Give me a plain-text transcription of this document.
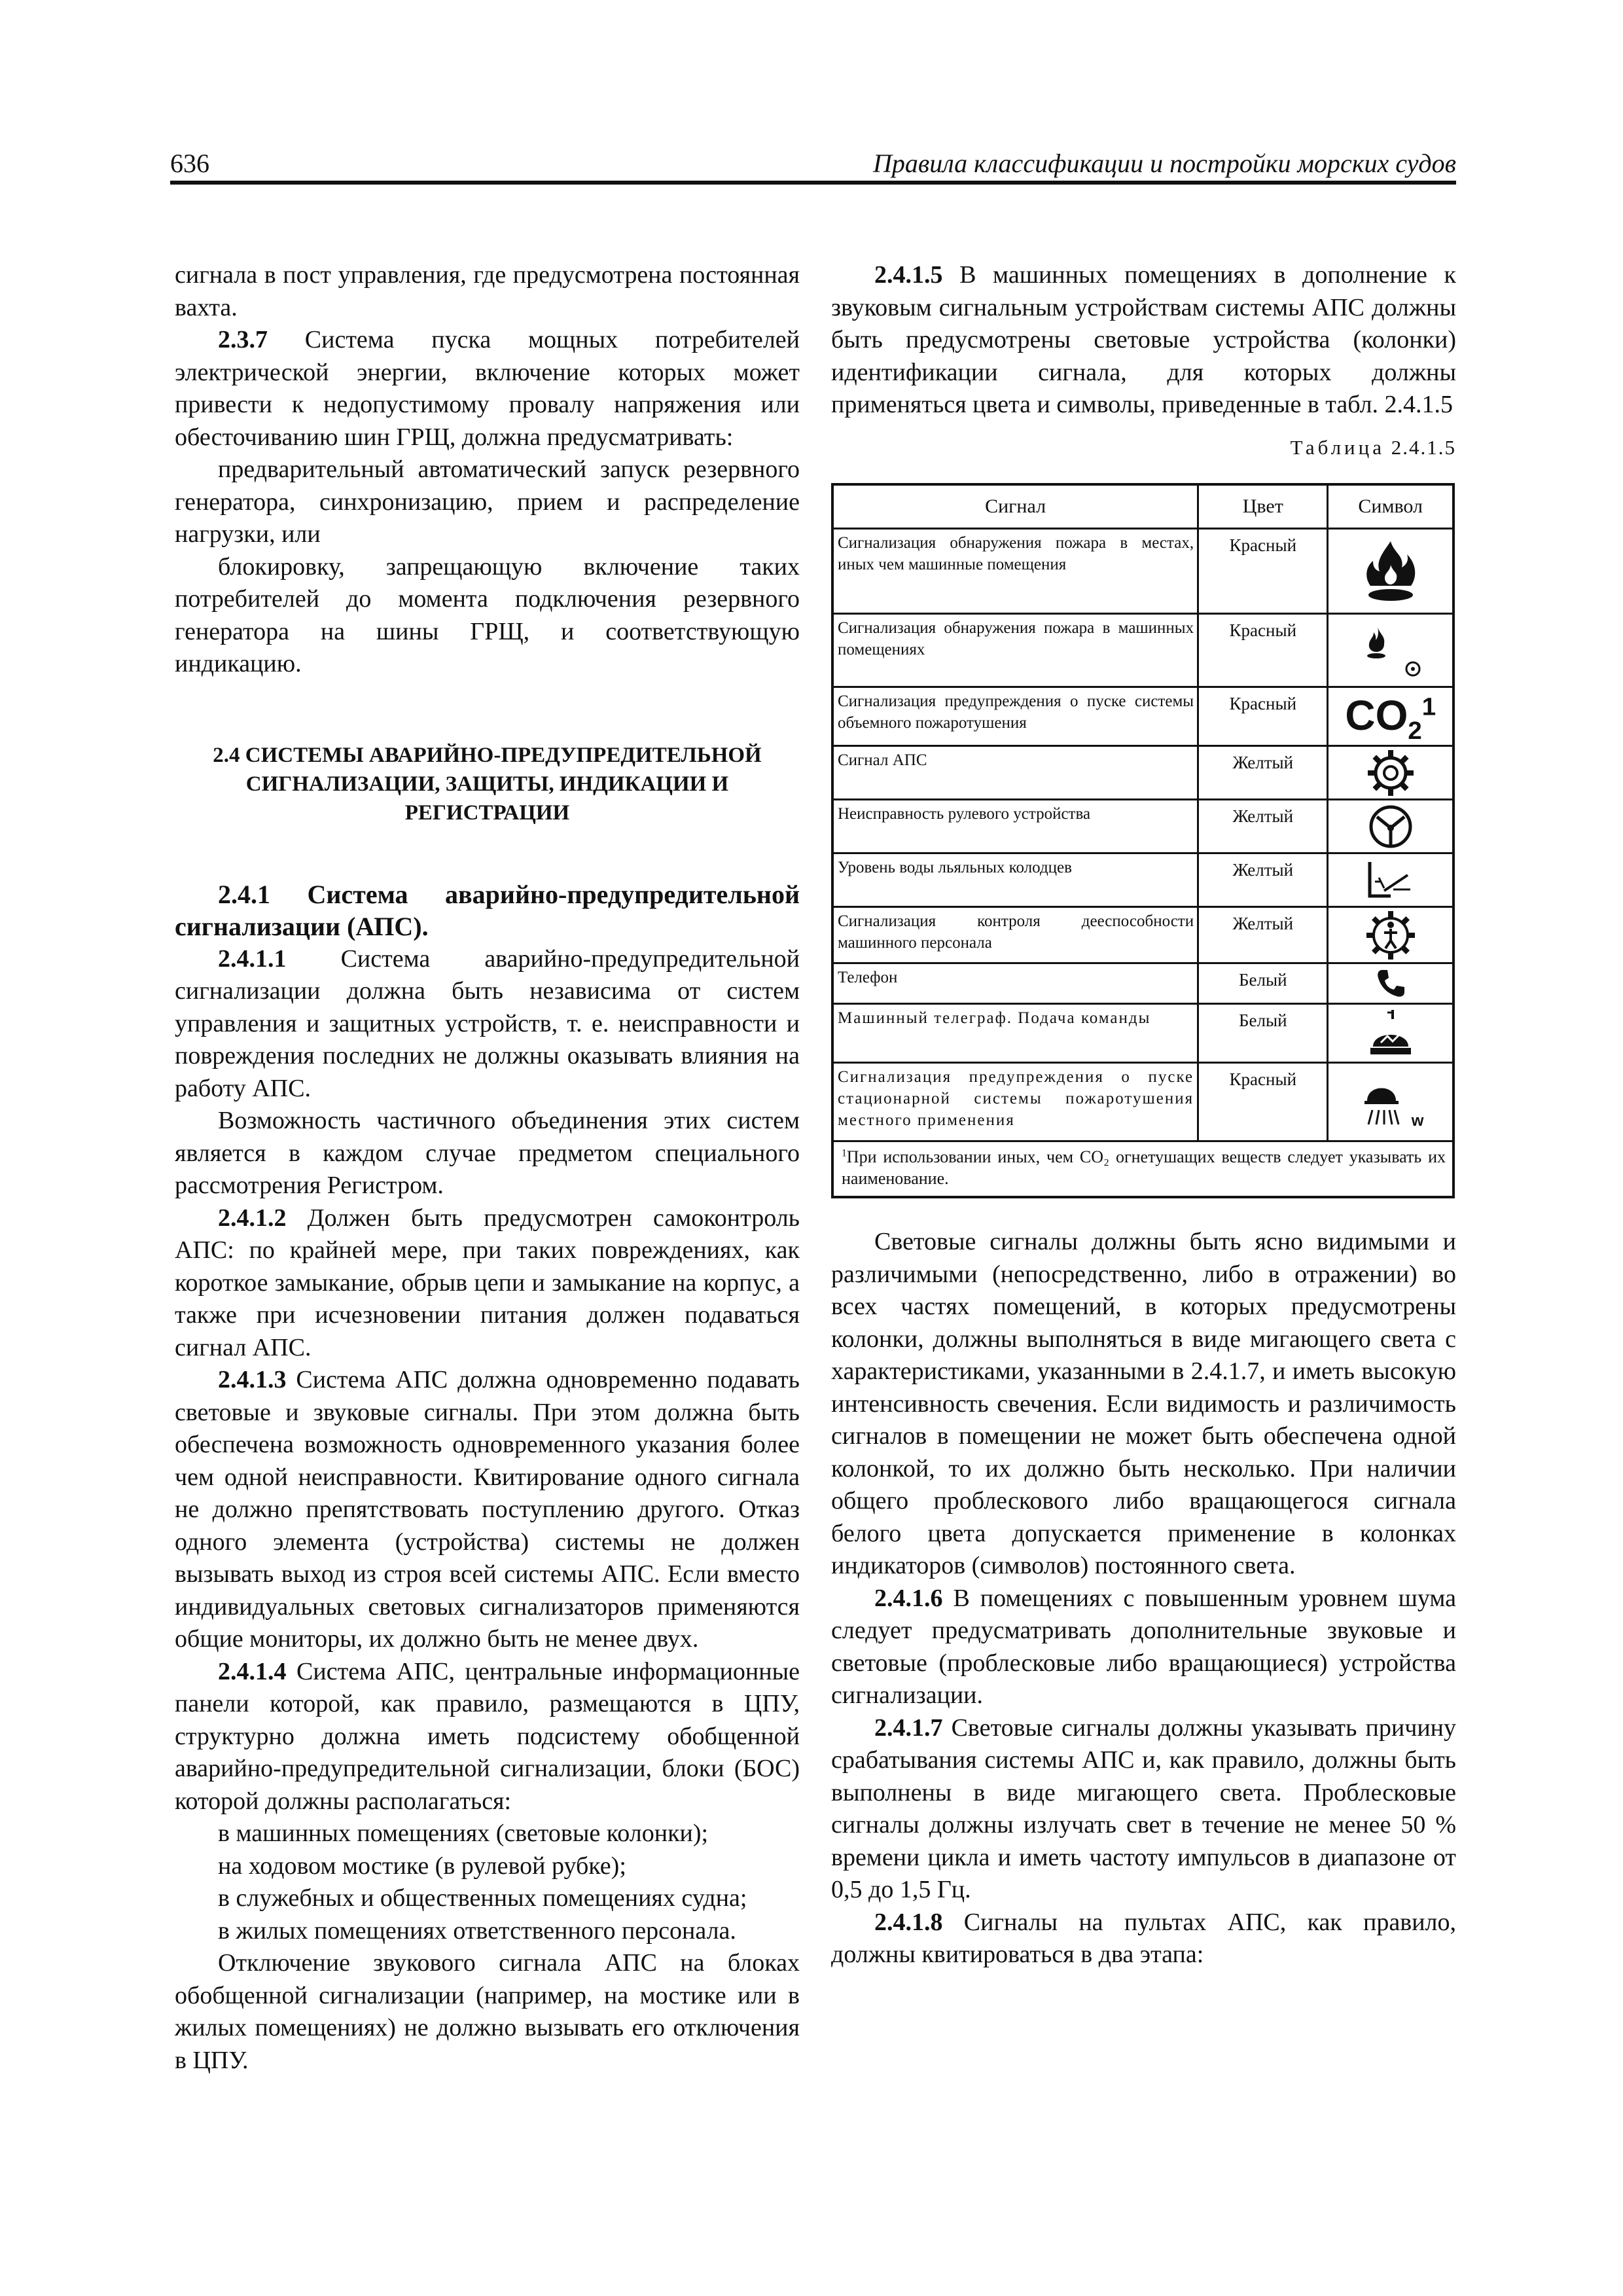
636	Правила классификации и постройки морских судов

сигнала в пост управления, где предусмотрена постоянная вахта.

2.3.7 Система пуска мощных потребителей электрической энергии, включение которых может привести к недопустимому провалу напряжения или обесточиванию шин ГРЩ, должна предусматривать:

предварительный автоматический запуск резервного генератора, синхронизацию, прием и распределение нагрузки, или

блокировку, запрещающую включение таких потребителей до момента подключения резервного генератора на шины ГРЩ, и соответствующую индикацию.

2.4 СИСТЕМЫ АВАРИЙНО-ПРЕДУПРЕДИТЕЛЬНОЙ СИГНАЛИЗАЦИИ, ЗАЩИТЫ, ИНДИКАЦИИ И РЕГИСТРАЦИИ

2.4.1 Система аварийно-предупредительной сигнализации (АПС).

2.4.1.1 Система аварийно-предупредительной сигнализации должна быть независима от систем управления и защитных устройств, т. е. неисправности и повреждения последних не должны оказывать влияния на работу АПС.

Возможность частичного объединения этих систем является в каждом случае предметом специального рассмотрения Регистром.

2.4.1.2 Должен быть предусмотрен самоконтроль АПС: по крайней мере, при таких повреждениях, как короткое замыкание, обрыв цепи и замыкание на корпус, а также при исчезновении питания должен подаваться сигнал АПС.

2.4.1.3 Система АПС должна одновременно подавать световые и звуковые сигналы. При этом должна быть обеспечена возможность одновременного указания более чем одной неисправности. Квитирование одного сигнала не должно препятствовать поступлению другого. Отказ одного элемента (устройства) системы не должен вызывать выход из строя всей системы АПС. Если вместо индивидуальных световых сигнализаторов применяются общие мониторы, их должно быть не менее двух.

2.4.1.4 Система АПС, центральные информационные панели которой, как правило, размещаются в ЦПУ, структурно должна иметь подсистему обобщенной аварийно-предупредительной сигнализации, блоки (БОС) которой должны располагаться:

в машинных помещениях (световые колонки);

на ходовом мостике (в рулевой рубке);

в служебных и общественных помещениях судна;

в жилых помещениях ответственного персонала.

Отключение звукового сигнала АПС на блоках обобщенной сигнализации (например, на мостике или в жилых помещениях) не должно вызывать его отключения в ЦПУ.

2.4.1.5 В машинных помещениях в дополнение к звуковым сигнальным устройствам системы АПС должны быть предусмотрены световые устройства (колонки) идентификации сигнала, для которых должны применяться цвета и символы, приведенные в табл. 2.4.1.5

Таблица 2.4.1.5

Сигнал	Цвет	Символ
Сигнализация обнаружения пожара в местах, иных чем машинные помещения	Красный	

Сигнализация обнаружения пожара в машинных помещениях	Красный	

Сигнализация предупреждения о пуске системы объемного пожаротушения	Красный	$CO_2^1$
Сигнал АПС	Желтый	

Неисправность рулевого устройства	Желтый	

Уровень воды льяльных колодцев	Желтый	

Сигнализация контроля дееспособности машинного персонала	Желтый	

Телефон	Белый	

Машинный телеграф. Подача команды	Белый	

Сигнализация предупреждения о пуске стационарной системы пожаротушения местного применения	Красный	w

$^1$При использовании иных, чем CO₂ огнетушащих веществ следует указывать их наименование.		

Световые сигналы должны быть ясно видимыми и различимыми (непосредственно, либо в отражении) во всех частях помещений, в которых предусмотрены колонки, должны выполняться в виде мигающего света с характеристиками, указанными в 2.4.1.7, и иметь высокую интенсивность свечения. Если видимость и различимость сигналов в помещении не может быть обеспечена одной колонкой, то их должно быть несколько. При наличии общего проблескового либо вращающегося сигнала белого цвета допускается применение в колонках индикаторов (символов) постоянного света.

2.4.1.6 В помещениях с повышенным уровнем шума следует предусматривать дополнительные звуковые и световые (проблесковые либо вращающиеся) устройства сигнализации.

2.4.1.7 Световые сигналы должны указывать причину срабатывания системы АПС и, как правило, должны быть выполнены в виде мигающего света. Проблесковые сигналы должны излучать свет в течение не менее 50 % времени цикла и иметь частоту импульсов в диапазоне от 0,5 до 1,5 Гц.

2.4.1.8 Сигналы на пультах АПС, как правило, должны квитироваться в два этапа:
